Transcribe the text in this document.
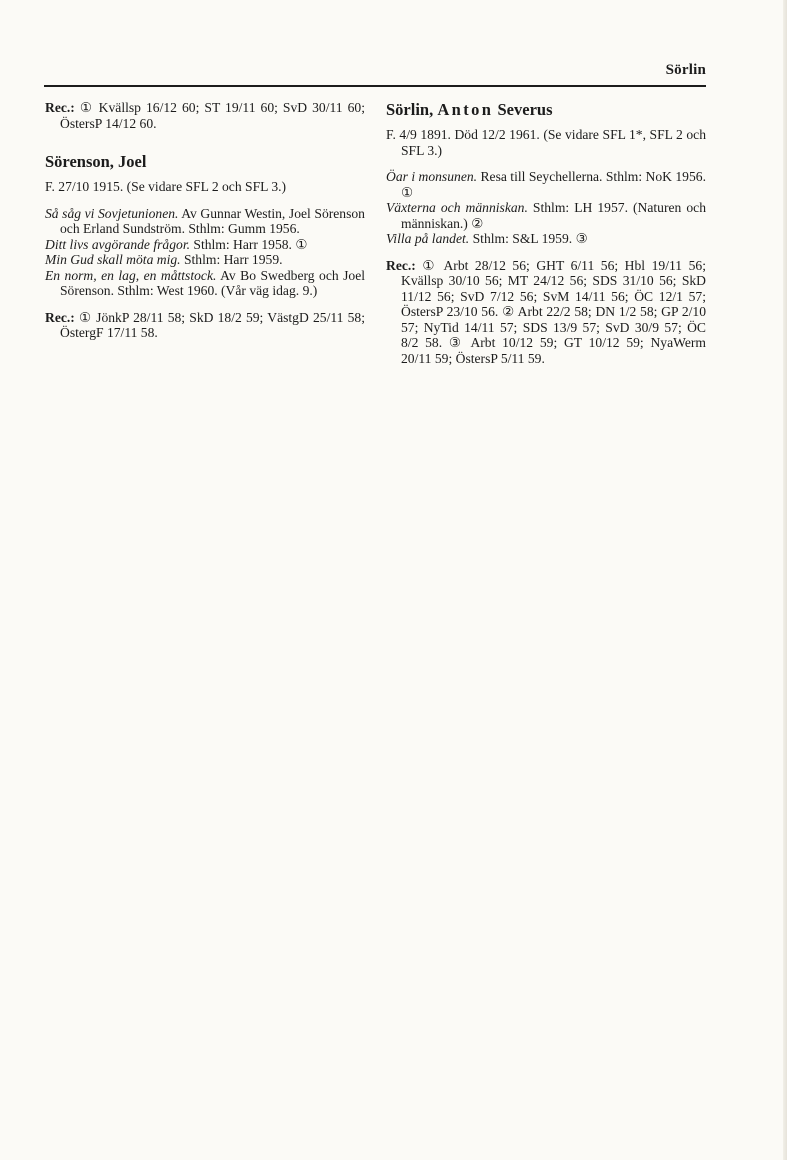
Sörlin

Rec.: ① Kvällsp 16/12 60; ST 19/11 60; SvD 30/11 60; ÖstersP 14/12 60.

Sörenson, Joel

F. 27/10 1915. (Se vidare SFL 2 och SFL 3.)

Så såg vi Sovjetunionen. Av Gunnar Westin, Joel Sörenson och Erland Sundström. Sthlm: Gumm 1956.

Ditt livs avgörande frågor. Sthlm: Harr 1958. ①

Min Gud skall möta mig. Sthlm: Harr 1959.

En norm, en lag, en måttstock. Av Bo Swedberg och Joel Sörenson. Sthlm: West 1960. (Vår väg idag. 9.)

Rec.: ① JönkP 28/11 58; SkD 18/2 59; VästgD 25/11 58; ÖstergF 17/11 58.

Sörlin, Anton Severus

F. 4/9 1891. Död 12/2 1961. (Se vidare SFL 1*, SFL 2 och SFL 3.)

Öar i monsunen. Resa till Seychellerna. Sthlm: NoK 1956. ①

Växterna och människan. Sthlm: LH 1957. (Naturen och människan.) ②

Villa på landet. Sthlm: S&L 1959. ③

Rec.: ① Arbt 28/12 56; GHT 6/11 56; Hbl 19/11 56; Kvällsp 30/10 56; MT 24/12 56; SDS 31/10 56; SkD 11/12 56; SvD 7/12 56; SvM 14/11 56; ÖC 12/1 57; ÖstersP 23/10 56. ② Arbt 22/2 58; DN 1/2 58; GP 2/10 57; NyTid 14/11 57; SDS 13/9 57; SvD 30/9 57; ÖC 8/2 58. ③ Arbt 10/12 59; GT 10/12 59; NyaWerm 20/11 59; ÖstersP 5/11 59.
